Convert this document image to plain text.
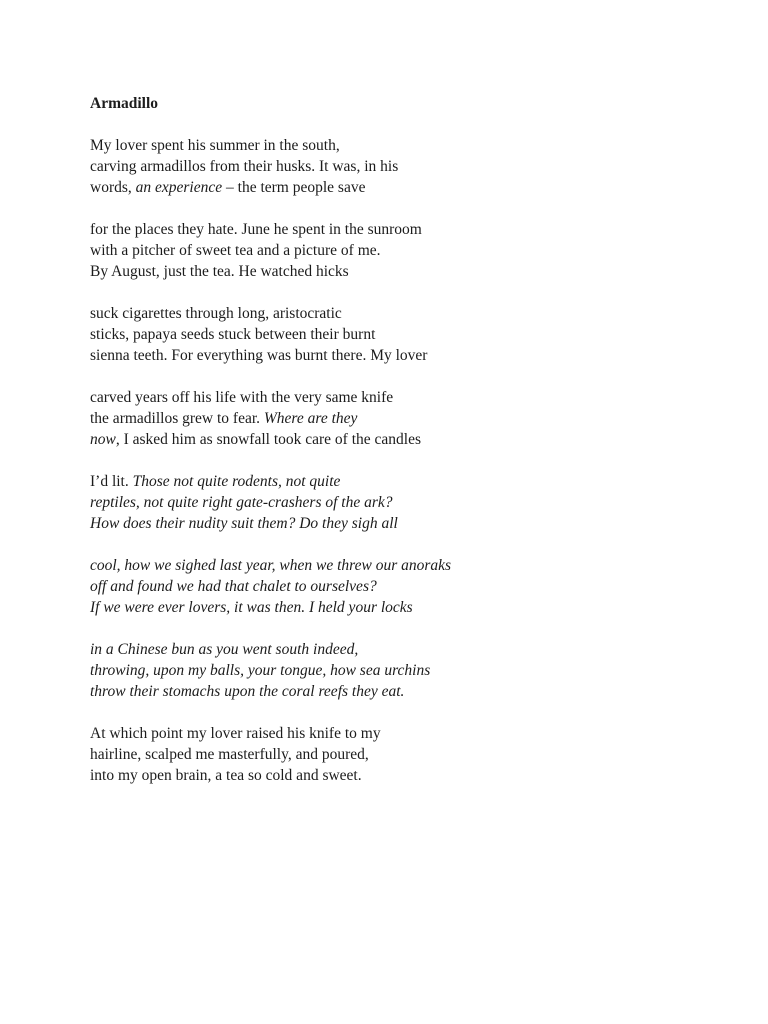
Armadillo
My lover spent his summer in the south,
carving armadillos from their husks. It was, in his
words, an experience – the term people save
for the places they hate. June he spent in the sunroom
with a pitcher of sweet tea and a picture of me.
By August, just the tea. He watched hicks
suck cigarettes through long, aristocratic
sticks, papaya seeds stuck between their burnt
sienna teeth. For everything was burnt there. My lover
carved years off his life with the very same knife
the armadillos grew to fear. Where are they
now, I asked him as snowfall took care of the candles
I’d lit. Those not quite rodents, not quite
reptiles, not quite right gate-crashers of the ark?
How does their nudity suit them? Do they sigh all
cool, how we sighed last year, when we threw our anoraks
off and found we had that chalet to ourselves?
If we were ever lovers, it was then. I held your locks
in a Chinese bun as you went south indeed,
throwing, upon my balls, your tongue, how sea urchins
throw their stomachs upon the coral reefs they eat.
At which point my lover raised his knife to my
hairline, scalped me masterfully, and poured,
into my open brain, a tea so cold and sweet.
